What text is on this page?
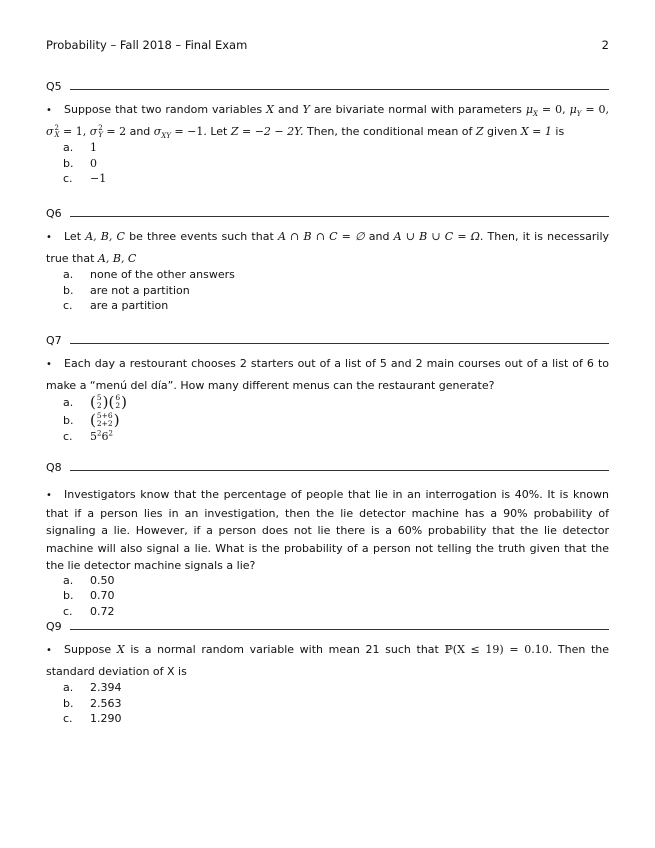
Probability – Fall 2018 – Final Exam	2
Q5
• Suppose that two random variables X and Y are bivariate normal with parameters $\mu_X = 0$, $\mu_Y = 0$, σ 2
X = 1, σ 2
Y = 2 and $\sigma_{XY} = -1$. Let Z = −2 − 2Y. Then, the conditional mean of Z given X = 1 is
a. 1
b. 0
c. −1
Q6
• Let A, B, C be three events such that A ∩ B ∩ C = ∅ and A ∪ B ∪ C = Ω. Then, it is necessarily true that A, B, C
a. none of the other answers
b. are not a partition
c. are a partition
Q7
• Each day a restourant chooses 2 starters out of a list of 5 and 2 main courses out of a list of 6 to make a “menú del día”. How many different menus can the restaurant generate?
a. ( 5
2 ) ( 6
2 )
b. ( 5+6
2+2 )
c. $5^26^2$
Q8
• Investigators know that the percentage of people that lie in an interrogation is 40%. It is known that if a person lies in an investigation, then the lie detector machine has a 90% probability of signaling a lie. However, if a person does not lie there is a 60% probability that the lie detector machine will also signal a lie. What is the probability of a person not telling the truth given that the the lie detector machine signals a lie?
a. 0.50
b. 0.70
c. 0.72
Q9
• Suppose X is a normal random variable with mean 21 such that ℙ(X ≤ 19) = 0.10. Then the standard deviation of X is
a. 2.394
b. 2.563
c. 1.290
